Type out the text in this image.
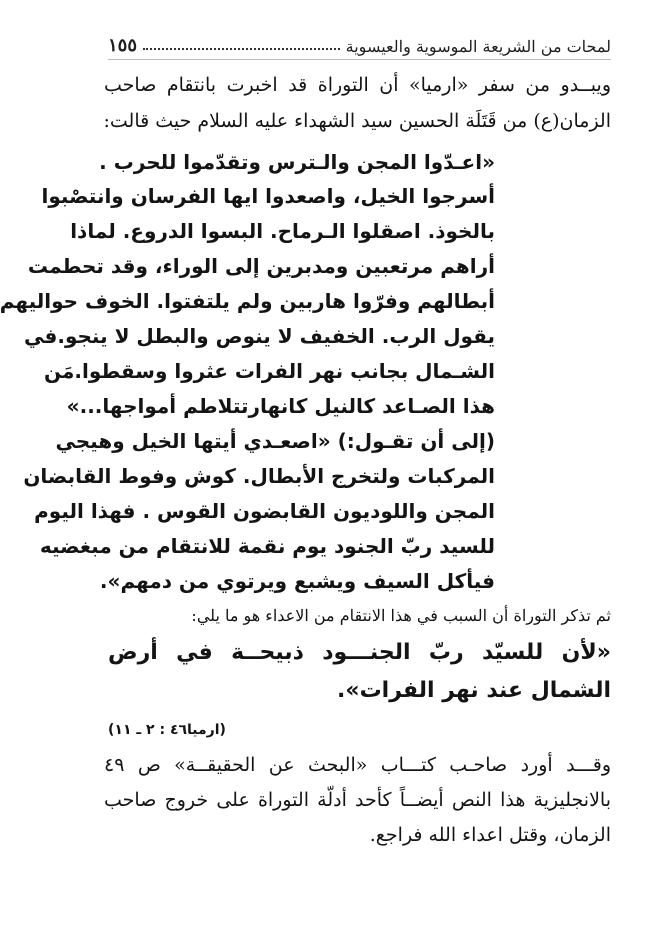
لمحات من الشريعة الموسوية والعيسوية
١٥٥
ويبــدو من سفر «ارميا» أن التوراة قد اخبرت بانتقام صاحب
الزمان(ع) من قَتَلَة الحسين سيد الشهداء عليه السلام حيث قالت:
«اعـدّوا المجن والـترس وتقدّموا للحرب .
أسرجوا الخيل، واصعدوا ايها الفرسان وانتصْبوا
بالخوذ. اصقلوا الـرماح. البسوا الدروع. لماذا
أراهم مرتعبين ومدبرين إلى الوراء، وقد تحطمت
أبطالهم وفرّوا هاربين ولم يلتفتوا. الخوف حواليهم
يقول الرب. الخفيف لا ينوص والبطل لا ينجو.في
الشـمال بجانب نهر الفرات عثروا وسقطوا.مَن
هذا الصـاعد كالنيل كانهارتتلاطم أمواجها...»
(إلى أن تقـول:) «اصعـدي أيتها الخيل وهيجي
المركبات ولتخرج الأبطال. كوش وفوط القابضان
المجن واللوديون القابضون القوس . فهذا اليوم
للسيد ربّ الجنود يوم نقمة للانتقام من مبغضيه
فيأكل السيف ويشبع ويرتوي من دمهم».
ثم تذكر التوراة أن السبب في هذا الانتقام من الاعداء هو ما يلي:
«لأن للسيّد ربّ الجنـــود ذبيحــة في أرض
الشمال عند نهر الفرات».
(ارميا٤٦ : ٢ ـ ١١)
وقـــد أورد صاحـب كتـــاب «البحث عن الحقيقــة» ص ٤٩
بالانجليزية هذا النص أيضــاً كأحد أدلّة التوراة على خروج صاحب
الزمان، وقتل اعداء الله فراجع.
